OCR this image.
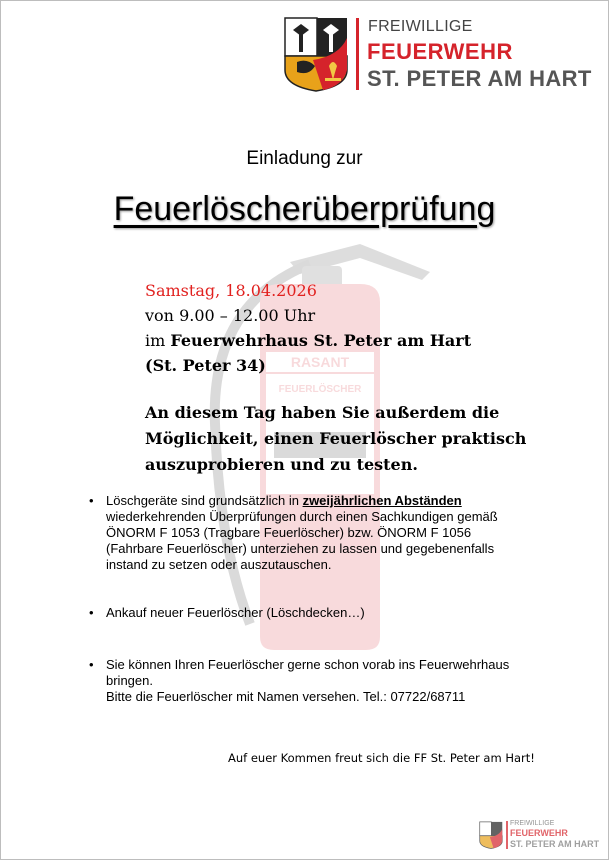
FREIWILLIGE
FEUERWEHR
ST. PETER AM HART
RASANT
FEUERLÖSCHER
Einladung zur
Feuerlöscherüberprüfung
Samstag, 18.04.2026
von 9.00 – 12.00 Uhr
im Feuerwehrhaus St. Peter am Hart
(St. Peter 34)
An diesem Tag haben Sie außerdem die Möglichkeit, einen Feuerlöscher praktisch auszuprobieren und zu testen.
• Löschgeräte sind grundsätzlich in zweijährlichen Abständen wiederkehrenden Überprüfungen durch einen Sachkundigen gemäß ÖNORM F 1053 (Tragbare Feuerlöscher) bzw. ÖNORM F 1056 (Fahrbare Feuerlöscher) unterziehen zu lassen und gegebenenfalls instand zu setzen oder auszutauschen.
• Ankauf neuer Feuerlöscher (Löschdecken…)
• Sie können Ihren Feuerlöscher gerne schon vorab ins Feuerwehrhaus bringen.
Bitte die Feuerlöscher mit Namen versehen. Tel.: 07722/68711
Auf euer Kommen freut sich die FF St. Peter am Hart!
FREIWILLIGE
FEUERWEHR
ST. PETER AM HART
